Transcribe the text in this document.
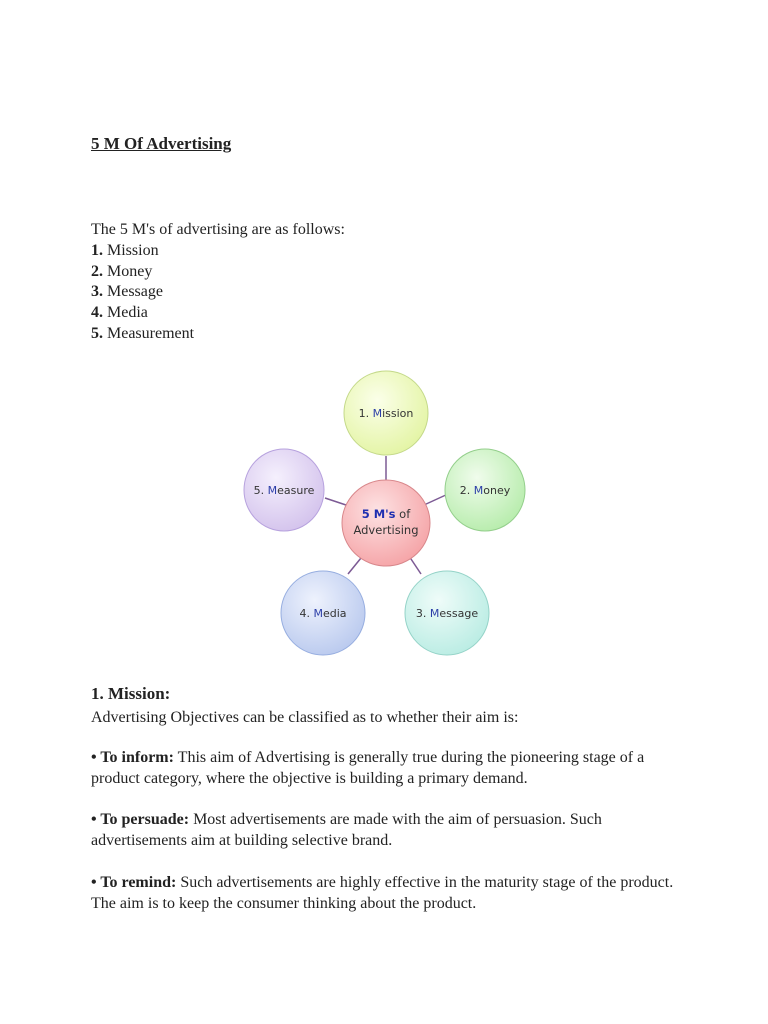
5 M Of Advertising
The 5 M's of advertising are as follows:
1. Mission
2. Money
3. Message
4. Media
5. Measurement
5 M's of
Advertising
1. Mission
2. Money
3. Message
4. Media
5. Measure
1. Mission:
Advertising Objectives can be classified as to whether their aim is:
• To inform: This aim of Advertising is generally true during the pioneering stage of a product category, where the objective is building a primary demand.
• To persuade: Most advertisements are made with the aim of persuasion. Such advertisements aim at building selective brand.
• To remind: Such advertisements are highly effective in the maturity stage of the product. The aim is to keep the consumer thinking about the product.
